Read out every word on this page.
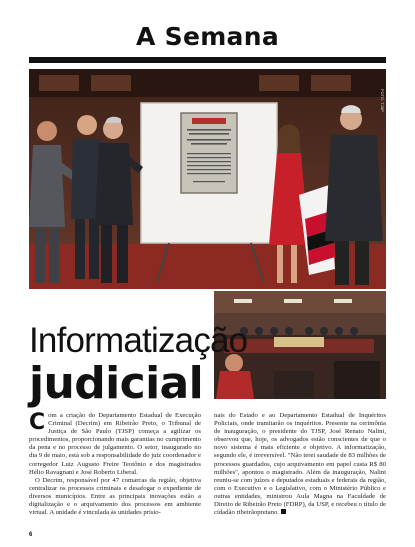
A Semana
FOTO: TJSP
Informatização
judicial

Com a criação do Departamento Estadual de Execução Criminal (Decrim) em Ribeirão Preto, o Tribunal de Justiça de São Paulo (TJSP) começa a agilizar os procedimentos, proporcionando mais garantias no cumprimento da pena e no processo de julgamento. O setor, inaugurado no dia 9 de maio, está sob a responsabilidade do juiz coordenador e corregedor Luiz Augusto Freire Teotônio e dos magistrados Hélio Ravagnani e José Roberto Liberal.

O Decrim, responsável por 47 comarcas da região, objetiva centralizar os processos criminais e desafogar o expediente de diversos municípios. Entre as principais inovações estão a digitalização e o arquivamento dos processos em ambiente virtual. A unidade é vinculada às unidades prisio-

nais do Estado e ao Departamento Estadual de Inquéritos Policiais, onde tramitarão os inquéritos. Presente na cerimônia de inauguração, o presidente do TJSP, José Renato Nalini, observou que, hoje, os advogados estão conscientes de que o novo sistema é mais eficiente e objetivo. A informatização, segundo ele, é irreversível. "Não terei saudade de 83 milhões de processos guardados, cujo arquivamento em papel custa R$ 80 milhões", apontou o magistrado. Além da inauguração, Nalini reuniu-se com juízes e deputados estaduais e federais da região, com o Executivo e o Legislativo, com o Ministério Público e outras entidades, ministrou Aula Magna na Faculdade de Direito de Ribeirão Preto (FDRP), da USP, e recebeu o título de cidadão ribeirãopretano.

6
